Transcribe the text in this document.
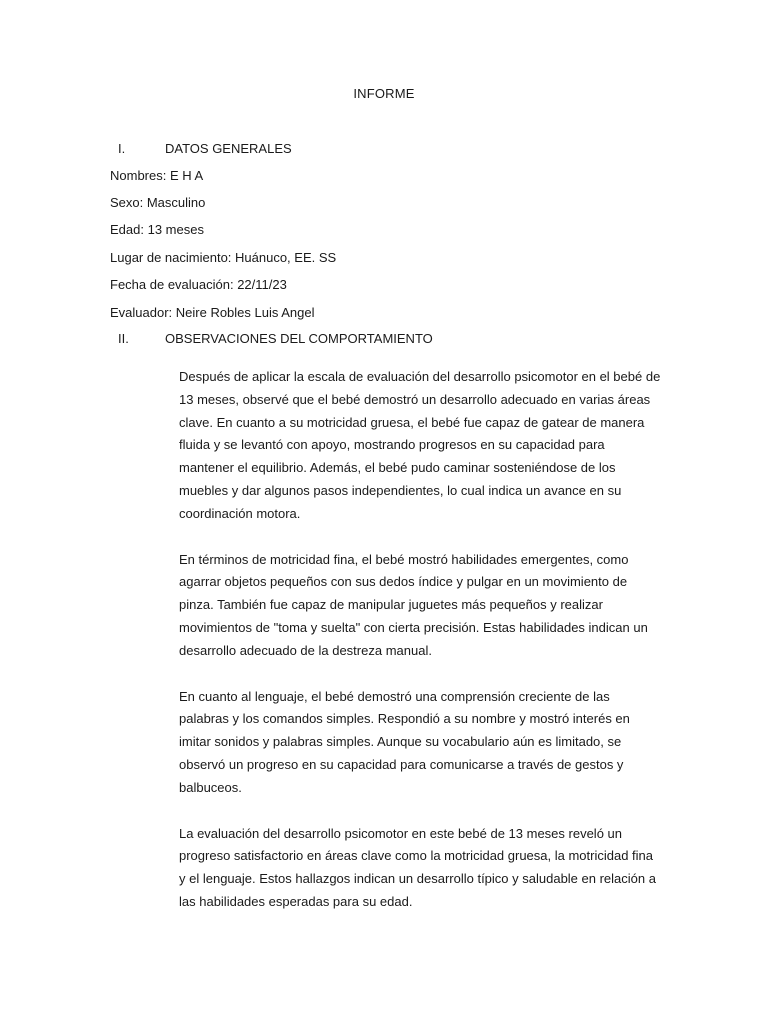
INFORME
I.	DATOS GENERALES
Nombres: E H A
Sexo: Masculino
Edad: 13 meses
Lugar de nacimiento: Huánuco, EE. SS
Fecha de evaluación: 22/11/23
Evaluador: Neire Robles Luis Angel
II.	OBSERVACIONES DEL COMPORTAMIENTO

Después de aplicar la escala de evaluación del desarrollo psicomotor en el bebé de
13 meses, observé que el bebé demostró un desarrollo adecuado en varias áreas
clave. En cuanto a su motricidad gruesa, el bebé fue capaz de gatear de manera
fluida y se levantó con apoyo, mostrando progresos en su capacidad para
mantener el equilibrio. Además, el bebé pudo caminar sosteniéndose de los
muebles y dar algunos pasos independientes, lo cual indica un avance en su
coordinación motora.

En términos de motricidad fina, el bebé mostró habilidades emergentes, como
agarrar objetos pequeños con sus dedos índice y pulgar en un movimiento de
pinza. También fue capaz de manipular juguetes más pequeños y realizar
movimientos de "toma y suelta" con cierta precisión. Estas habilidades indican un
desarrollo adecuado de la destreza manual.

En cuanto al lenguaje, el bebé demostró una comprensión creciente de las
palabras y los comandos simples. Respondió a su nombre y mostró interés en
imitar sonidos y palabras simples. Aunque su vocabulario aún es limitado, se
observó un progreso en su capacidad para comunicarse a través de gestos y
balbuceos.

La evaluación del desarrollo psicomotor en este bebé de 13 meses reveló un
progreso satisfactorio en áreas clave como la motricidad gruesa, la motricidad fina
y el lenguaje. Estos hallazgos indican un desarrollo típico y saludable en relación a
las habilidades esperadas para su edad.
